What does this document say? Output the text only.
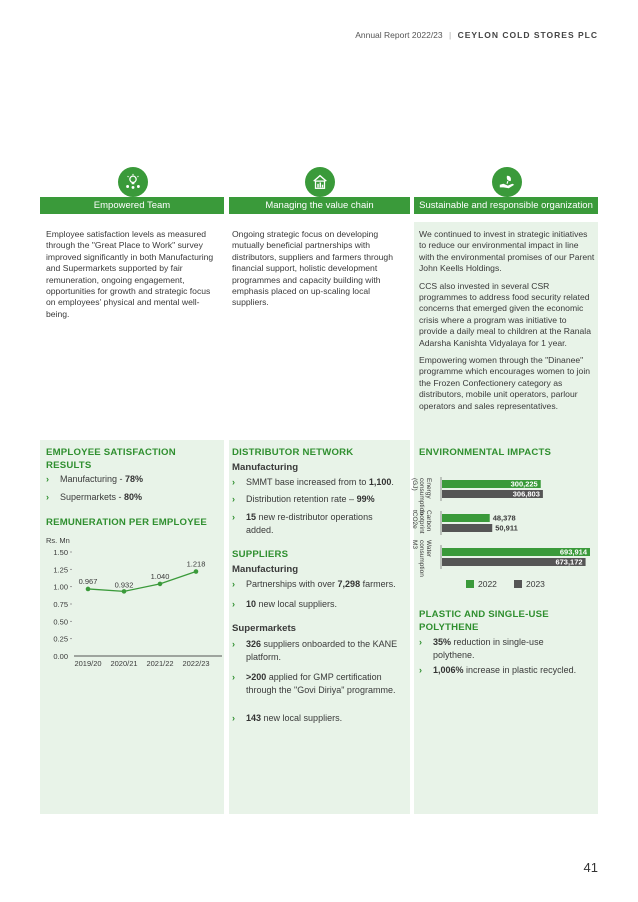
Annual Report 2022/23 | CEYLON COLD STORES PLC
Empowered Team	Managing the value chain	Sustainable and responsible organization

Employee satisfaction levels as measured through the "Great Place to Work" survey improved significantly in both Manufacturing and Supermarkets supported by fair remuneration, ongoing engagement, opportunities for growth and strategic focus on employees' physical and mental well-being.

EMPLOYEE SATISFACTION
RESULTS
› Manufacturing - 78%
› Supermarkets - 80%
REMUNERATION PER EMPLOYEE
Rs. Mn
1.50
1.25
1.00
0.75
0.50
0.25
0.00
0.967
2019/20
0.932
2020/21
1.040
2021/22
1.218
2022/23

Ongoing strategic focus on developing mutually beneficial partnerships with distributors, suppliers and farmers through financial support, holistic development programmes and capacity building with emphasis placed on up-scaling local suppliers.

DISTRIBUTOR NETWORK
Manufacturing
› SMMT base increased from to 1,100.
› Distribution retention rate – 99%
› 15 new re-distributor operations added.
SUPPLIERS
Manufacturing
› Partnerships with over 7,298 farmers.
› 10 new local suppliers.
Supermarkets
› 326 suppliers onboarded to the KANE platform.
› >200 applied for GMP certification through the "Govi Diriya" programme.
› 143 new local suppliers.

We continued to invest in strategic initiatives to reduce our environmental impact in line with the environmental promises of our Parent John Keells Holdings.

CCS also invested in several CSR programmes to address food security related concerns that emerged given the economic crisis where a program was initiative to provide a daily meal to children at the Ranala Adarsha Kanishta Vidyalaya for 1 year.

Empowering women through the "Dinanee" programme which encourages women to join the Frozen Confectionery category as distributors, mobile unit operators, parlour operators and sales representatives.

ENVIRONMENTAL IMPACTS
Energyconsumption(GJ)	300,225
306,803
CarbonfootprinttCO2e	48,378
50,911
WaterconsumptionM3
693,914
673,172
2022	2023
PLASTIC AND SINGLE-USE
POLYTHENE
› 35% reduction in single-use polythene.
› 1,006% increase in plastic recycled.
41
